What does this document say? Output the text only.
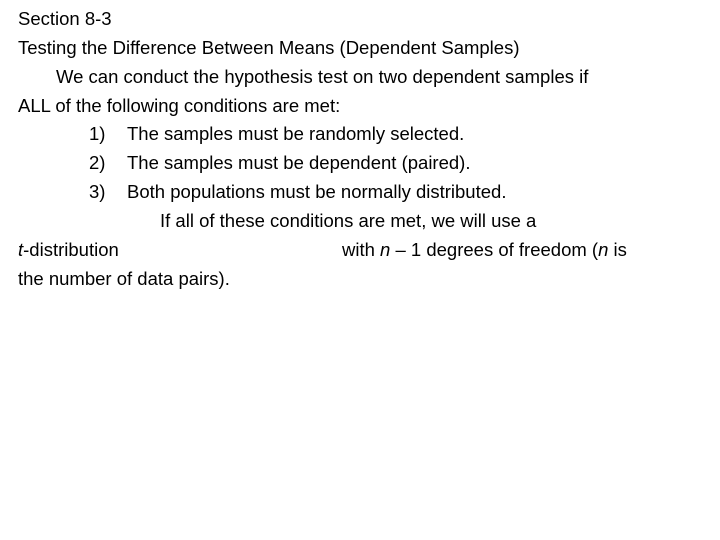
Section 8-3
Testing the Difference Between Means (Dependent Samples)
We can conduct the hypothesis test on two dependent samples if
ALL of the following conditions are met:
1) The samples must be randomly selected.
2) The samples must be dependent (paired).
3) Both populations must be normally distributed.
If all of these conditions are met, we will use a
t-distribution	with n – 1 degrees of freedom (n is
the number of data pairs).
